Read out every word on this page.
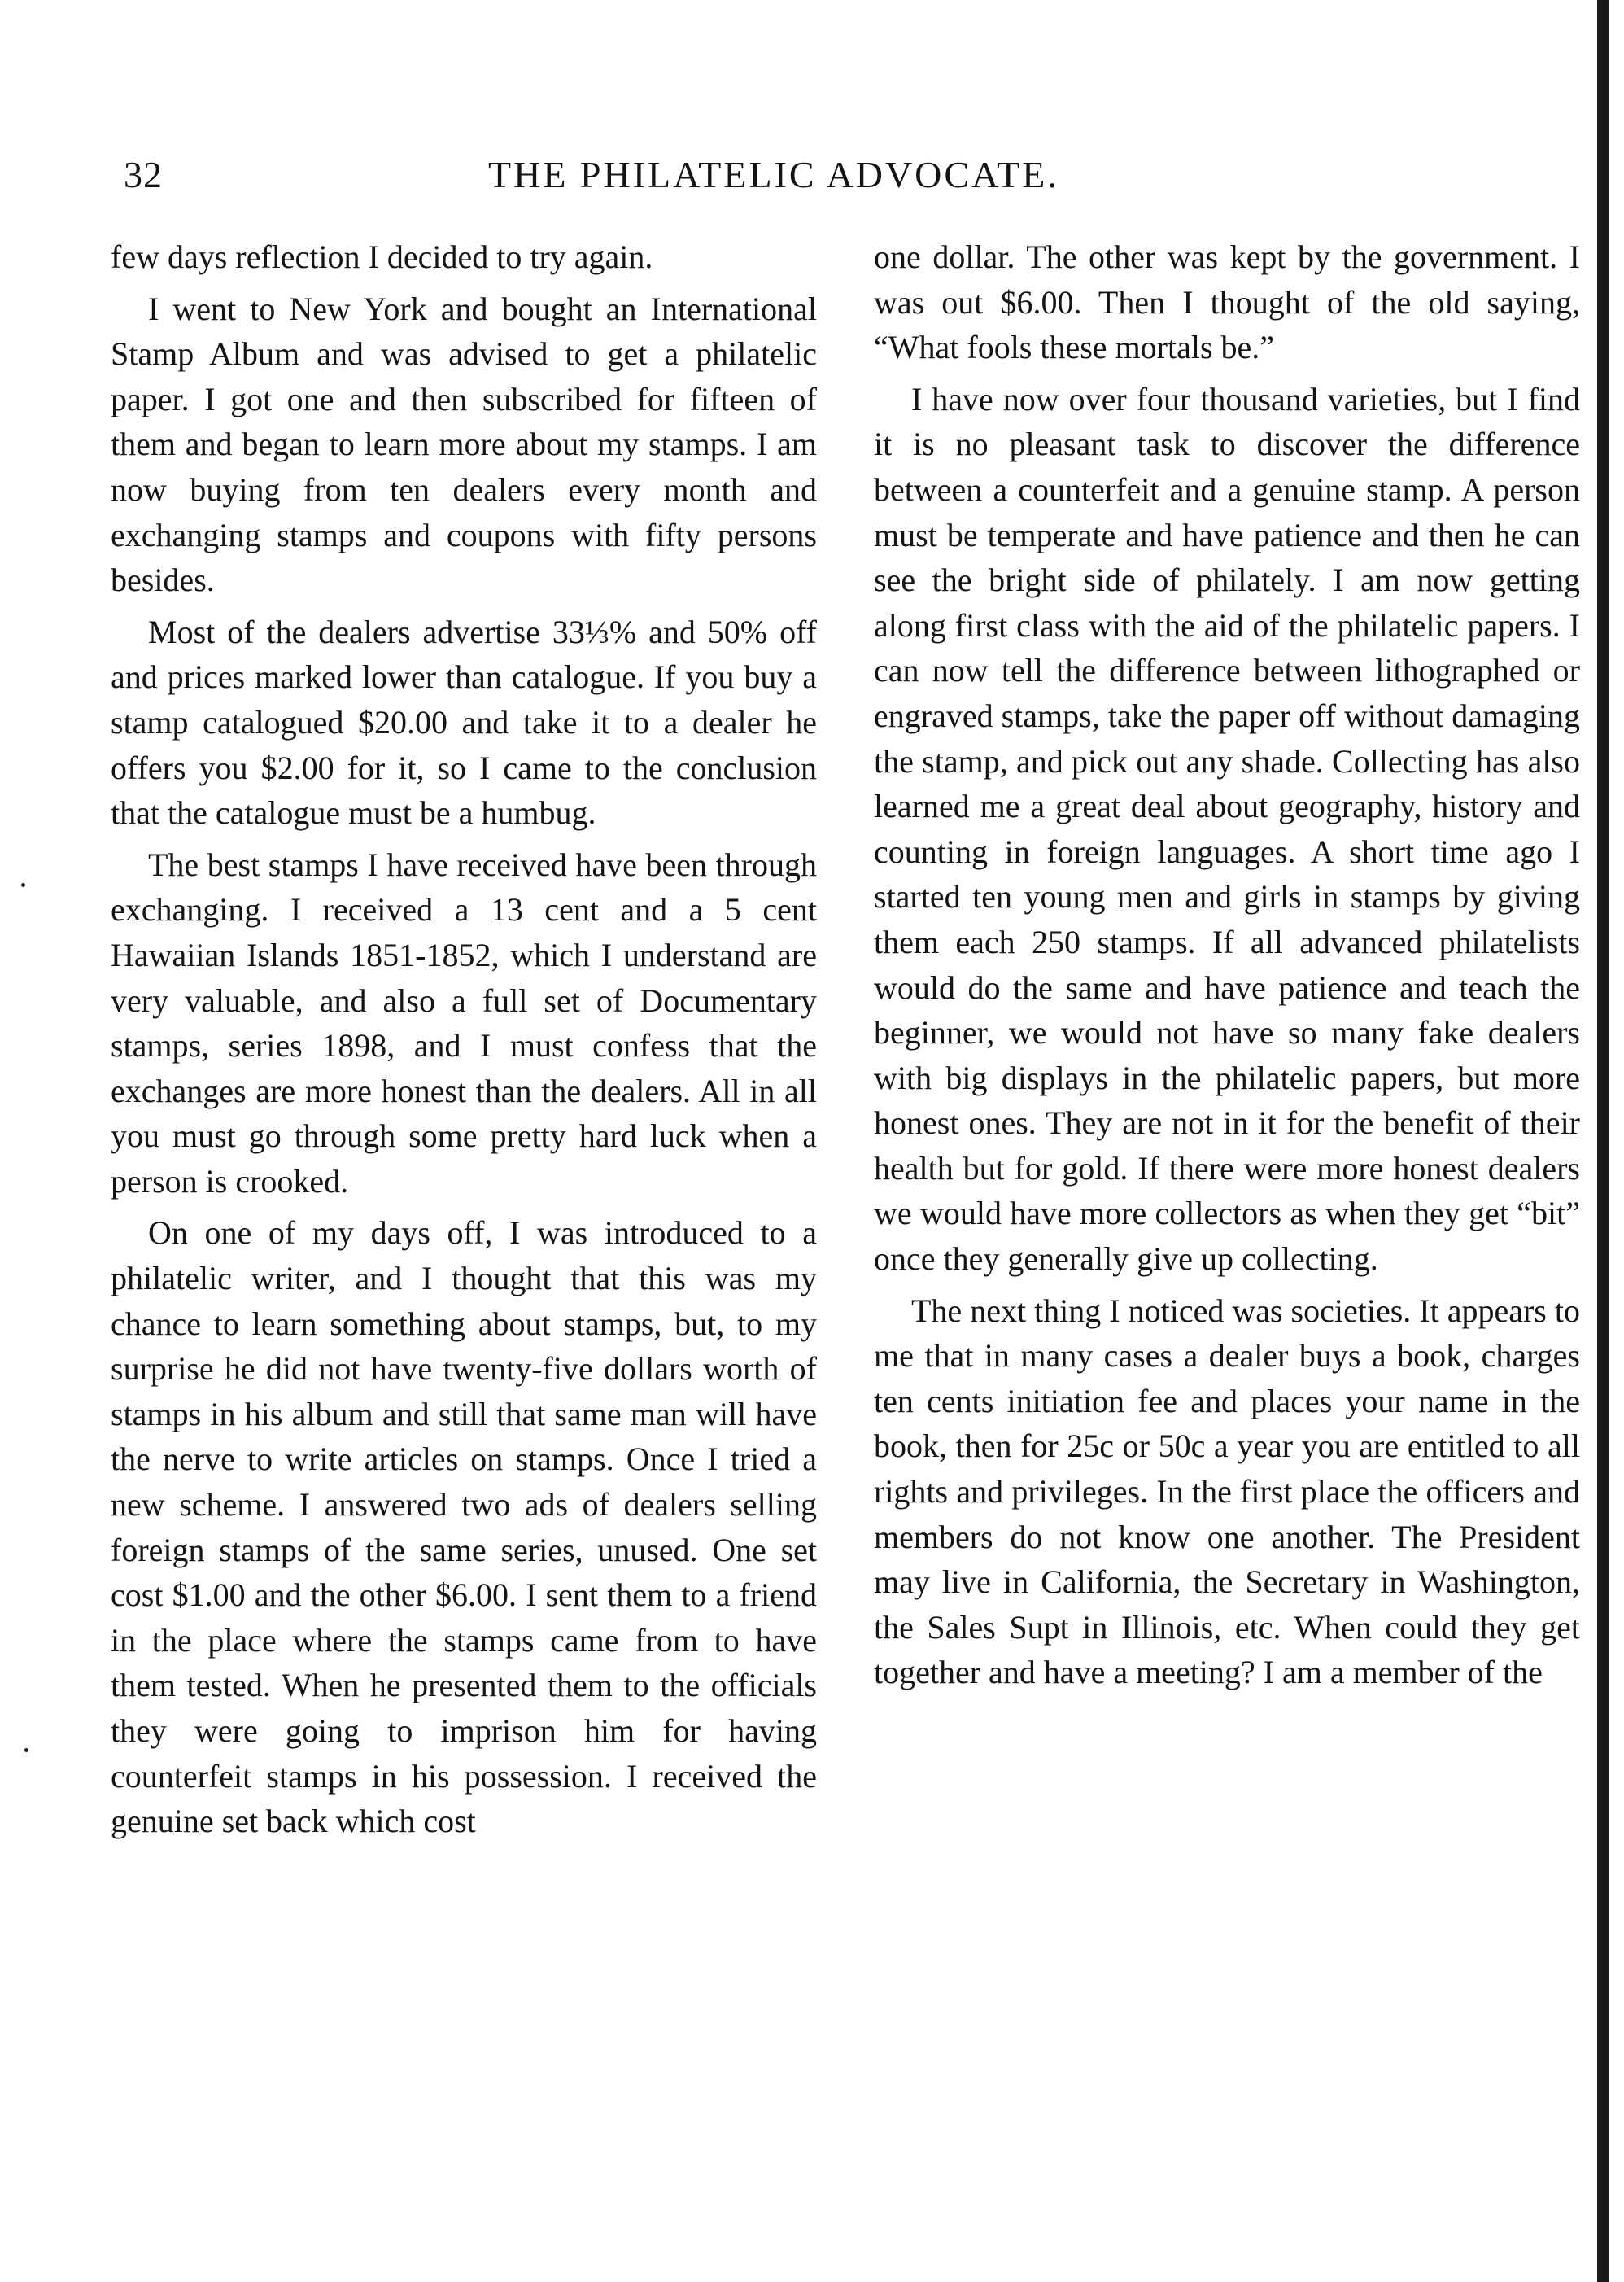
32	THE PHILATELIC ADVOCATE.

few days reflection I decided to try again.

I went to New York and bought an International Stamp Album and was advised to get a philatelic paper. I got one and then subscribed for fifteen of them and began to learn more about my stamps. I am now buying from ten dealers every month and exchanging stamps and coupons with fifty persons besides.

Most of the dealers advertise 33⅓% and 50% off and prices marked lower than catalogue. If you buy a stamp catalogued $20.00 and take it to a dealer he offers you $2.00 for it, so I came to the conclusion that the catalogue must be a humbug.

The best stamps I have received have been through exchanging. I received a 13 cent and a 5 cent Hawaiian Islands 1851-1852, which I understand are very valuable, and also a full set of Documentary stamps, series 1898, and I must confess that the exchanges are more honest than the dealers. All in all you must go through some pretty hard luck when a person is crooked.

On one of my days off, I was introduced to a philatelic writer, and I thought that this was my chance to learn something about stamps, but, to my surprise he did not have twenty-five dollars worth of stamps in his album and still that same man will have the nerve to write articles on stamps. Once I tried a new scheme. I answered two ads of dealers selling foreign stamps of the same series, unused. One set cost $1.00 and the other $6.00. I sent them to a friend in the place where the stamps came from to have them tested. When he presented them to the officials they were going to imprison him for having counterfeit stamps in his possession. I received the genuine set back which cost

one dollar. The other was kept by the government. I was out $6.00. Then I thought of the old saying, “What fools these mortals be.”

I have now over four thousand varieties, but I find it is no pleasant task to discover the difference between a counterfeit and a genuine stamp. A person must be temperate and have patience and then he can see the bright side of philately. I am now getting along first class with the aid of the philatelic papers. I can now tell the difference between lithographed or engraved stamps, take the paper off without damaging the stamp, and pick out any shade. Collecting has also learned me a great deal about geography, history and counting in foreign languages. A short time ago I started ten young men and girls in stamps by giving them each 250 stamps. If all advanced philatelists would do the same and have patience and teach the beginner, we would not have so many fake dealers with big displays in the philatelic papers, but more honest ones. They are not in it for the benefit of their health but for gold. If there were more honest dealers we would have more collectors as when they get “bit” once they generally give up collecting.

The next thing I noticed was societies. It appears to me that in many cases a dealer buys a book, charges ten cents initiation fee and places your name in the book, then for 25c or 50c a year you are entitled to all rights and privileges. In the first place the officers and members do not know one another. The President may live in California, the Secretary in Washington, the Sales Supt in Illinois, etc. When could they get together and have a meeting? I am a member of the
